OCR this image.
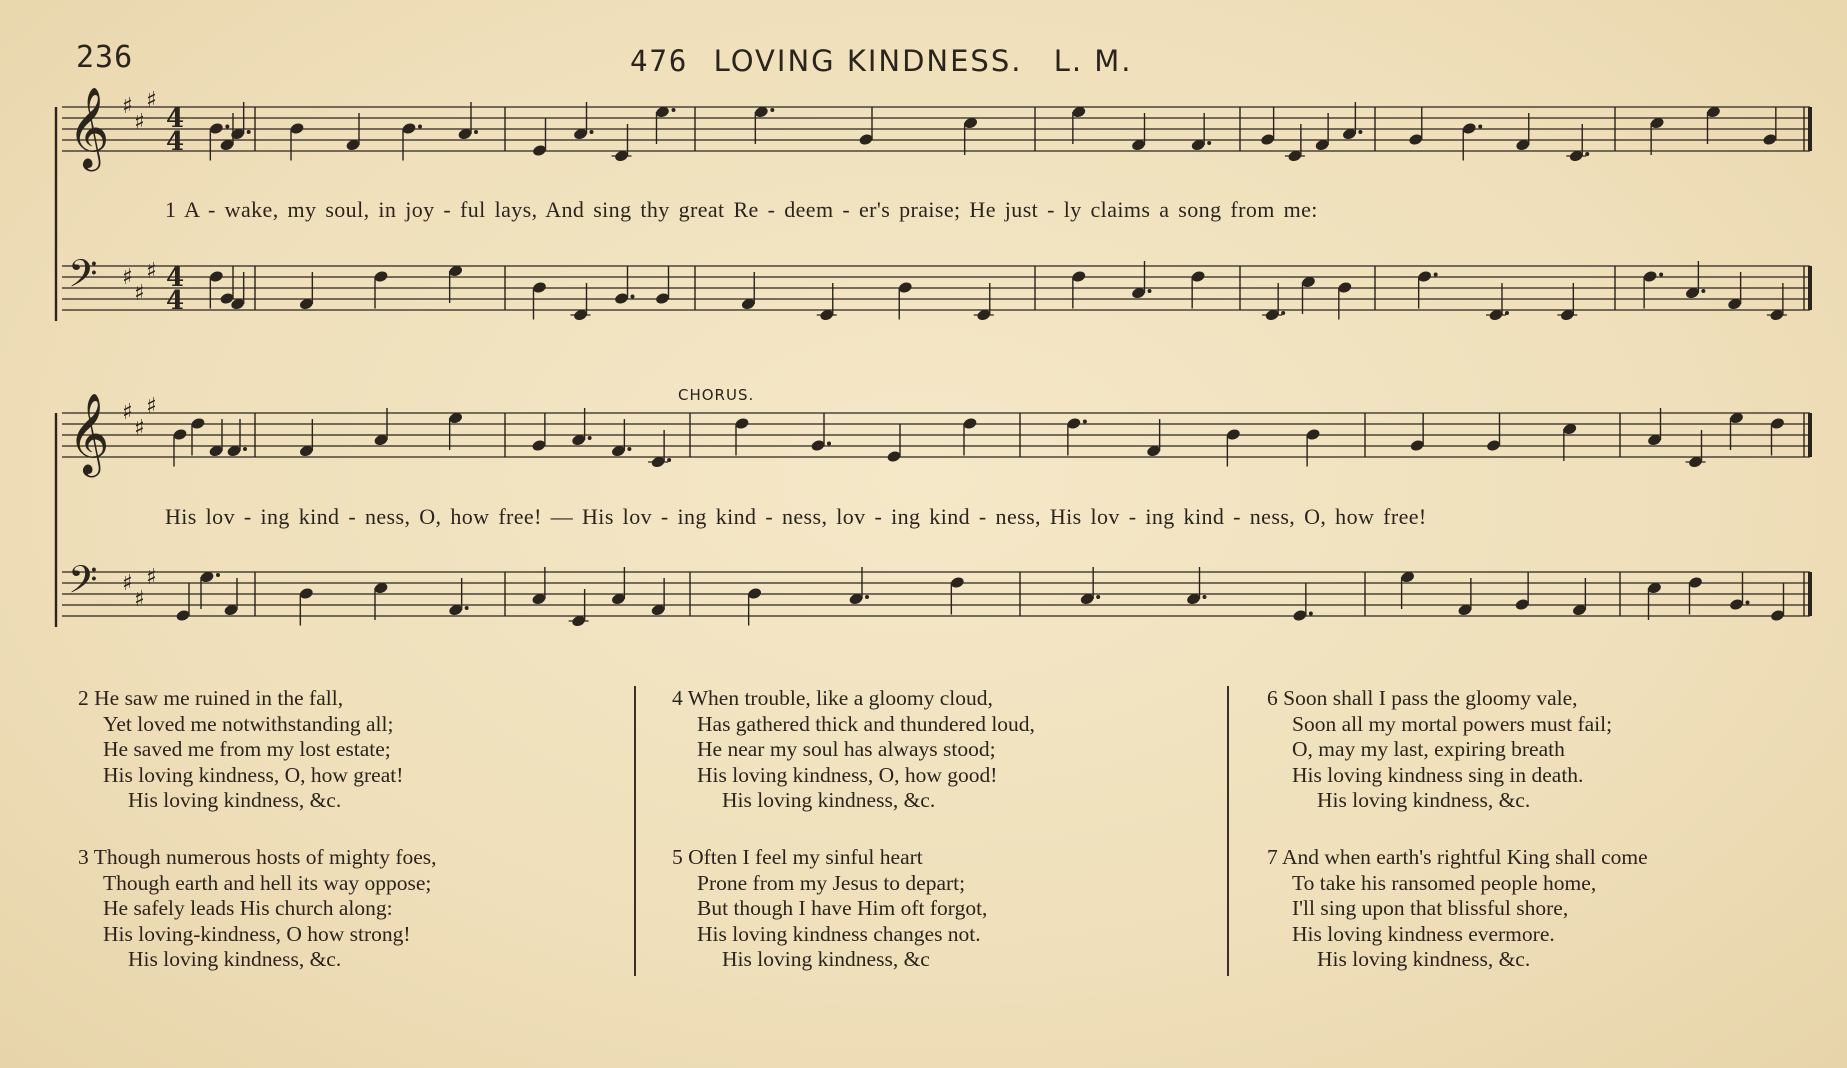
236	476 LOVING KINDNESS. L. M.
𝄞 ♯
♯
♯
4
4
𝄢 ♯
♯
♯ 4
4
1 A - wake, my soul, in joy - ful lays, And sing thy great Re - deem - er's praise; He just - ly claims a song from me:
CHORUS.
𝄞 ♯
♯
♯
𝄢 ♯
♯
♯
His lov - ing kind - ness, O, how free! — His lov - ing kind - ness, lov - ing kind - ness, His lov - ing kind - ness, O, how free!
2 He saw me ruined in the fall,
Yet loved me notwithstanding all;
He saved me from my lost estate;
His loving kindness, O, how great!
His loving kindness, &c.
3 Though numerous hosts of mighty foes,
Though earth and hell its way oppose;
He safely leads His church along:
His loving-kindness, O how strong!
His loving kindness, &c.
4 When trouble, like a gloomy cloud,
Has gathered thick and thundered loud,
He near my soul has always stood;
His loving kindness, O, how good!
His loving kindness, &c.
5 Often I feel my sinful heart
Prone from my Jesus to depart;
But though I have Him oft forgot,
His loving kindness changes not.
His loving kindness, &c
6 Soon shall I pass the gloomy vale,
Soon all my mortal powers must fail;
O, may my last, expiring breath
His loving kindness sing in death.
His loving kindness, &c.
7 And when earth's rightful King shall come
To take his ransomed people home,
I'll sing upon that blissful shore,
His loving kindness evermore.
His loving kindness, &c.
